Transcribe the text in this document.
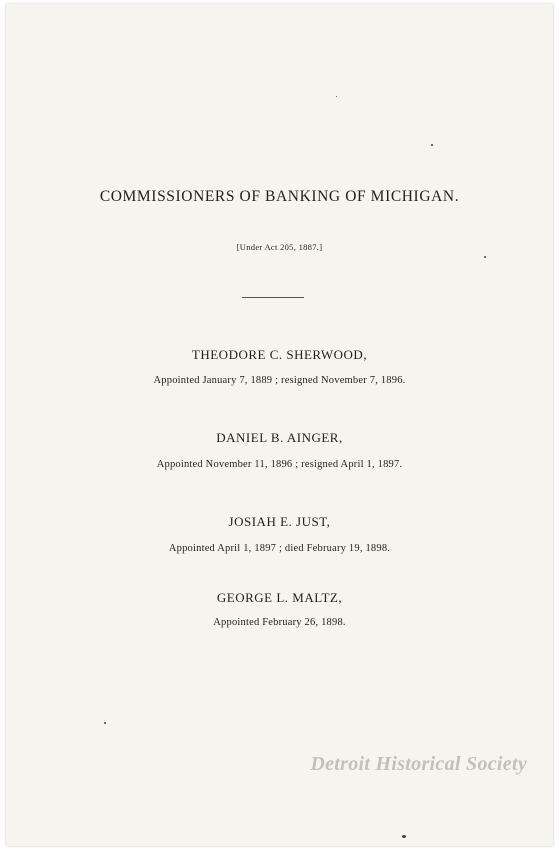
COMMISSIONERS OF BANKING OF MICHIGAN.
[Under Act 205, 1887.]
THEODORE C. SHERWOOD,
Appointed January 7, 1889 ; resigned November 7, 1896.
DANIEL B. AINGER,
Appointed November 11, 1896 ; resigned April 1, 1897.
JOSIAH E. JUST,
Appointed April 1, 1897 ; died February 19, 1898.
GEORGE L. MALTZ,
Appointed February 26, 1898.
Detroit Historical Society
